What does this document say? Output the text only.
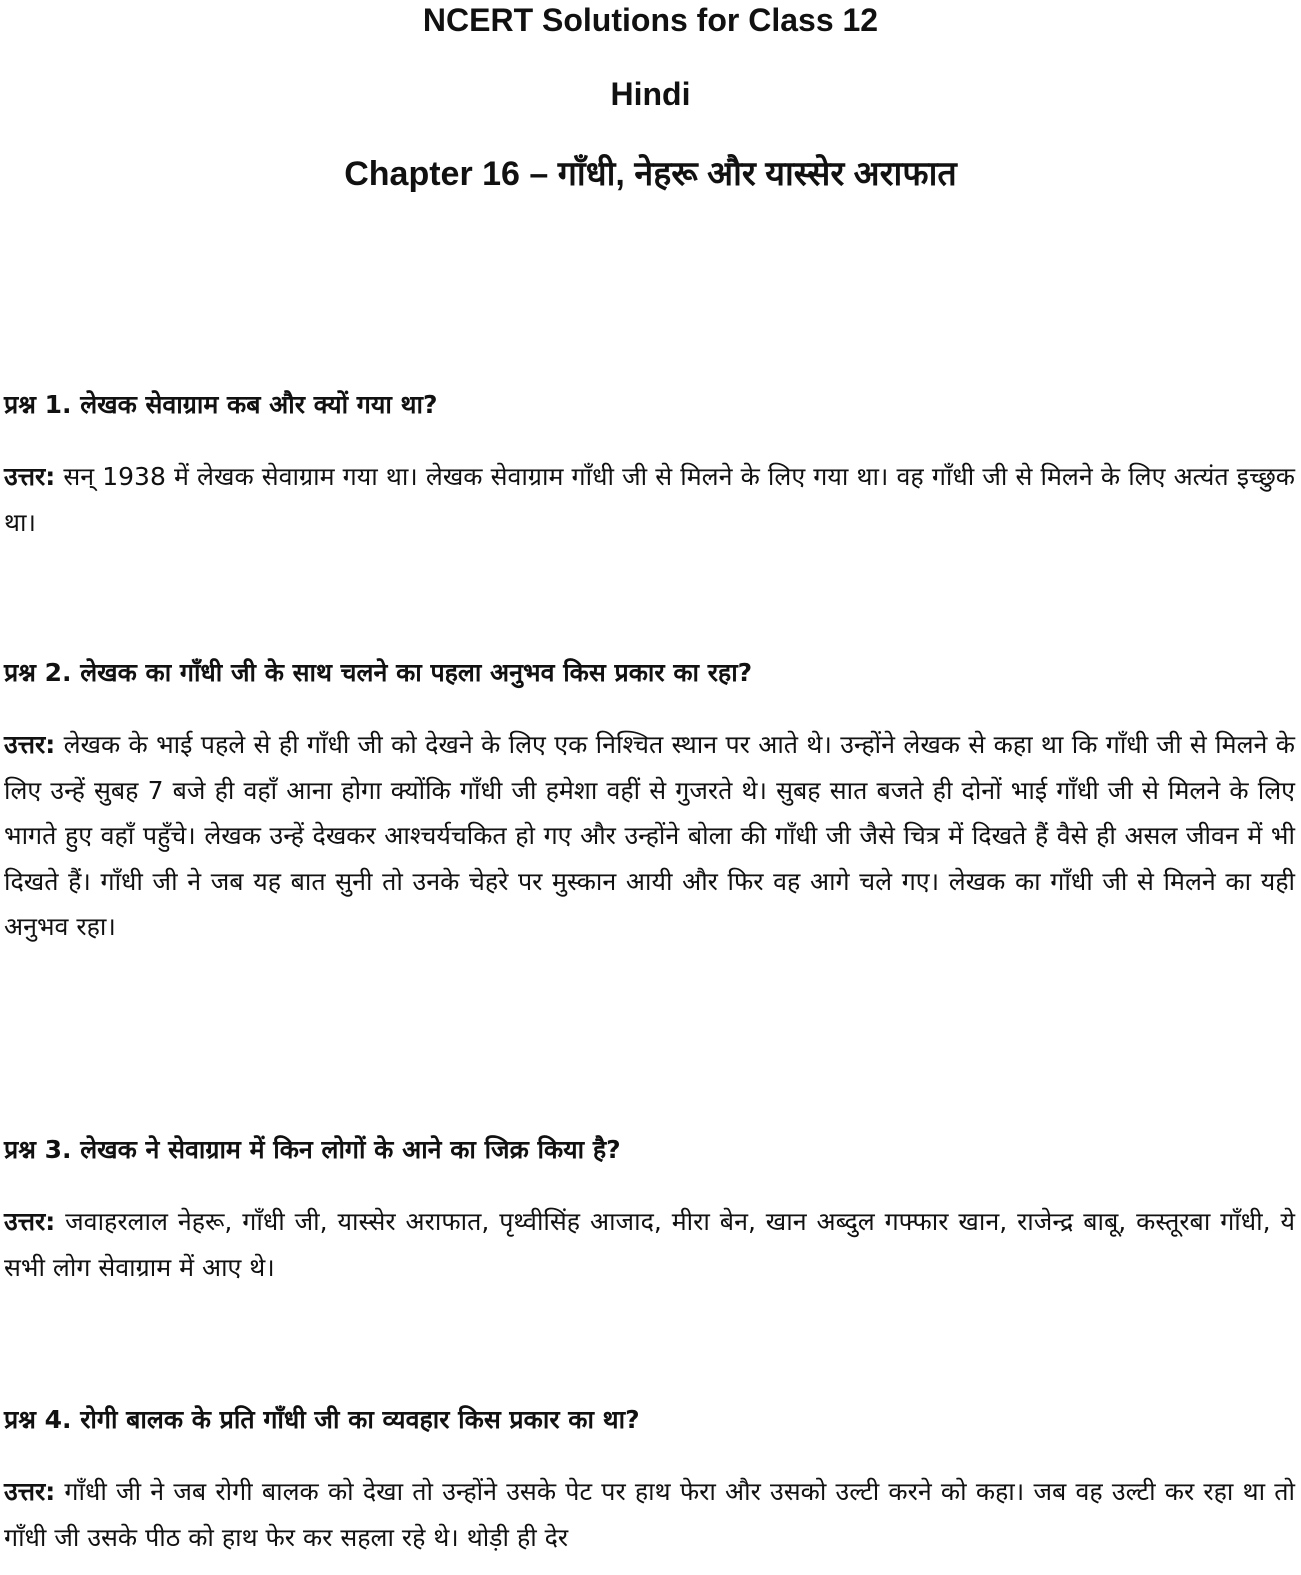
NCERT Solutions for Class 12
Hindi
Chapter 16 – गाँधी, नेहरू और यास्सेर अराफात

प्रश्न 1. लेखक सेवाग्राम कब और क्यों गया था?

उत्तर: सन् 1938 में लेखक सेवाग्राम गया था। लेखक सेवाग्राम गाँधी जी से मिलने के लिए गया था। वह गाँधी जी से मिलने के लिए अत्यंत इच्छुक था।

प्रश्न 2. लेखक का गाँधी जी के साथ चलने का पहला अनुभव किस प्रकार का रहा?

उत्तर: लेखक के भाई पहले से ही गाँधी जी को देखने के लिए एक निश्चित स्थान पर आते थे। उन्होंने लेखक से कहा था कि गाँधी जी से मिलने के लिए उन्हें सुबह 7 बजे ही वहाँ आना होगा क्योंकि गाँधी जी हमेशा वहीं से गुजरते थे। सुबह सात बजते ही दोनों भाई गाँधी जी से मिलने के लिए भागते हुए वहाँ पहुँचे। लेखक उन्हें देखकर आश्चर्यचकित हो गए और उन्होंने बोला की गाँधी जी जैसे चित्र में दिखते हैं वैसे ही असल जीवन में भी दिखते हैं। गाँधी जी ने जब यह बात सुनी तो उनके चेहरे पर मुस्कान आयी और फिर वह आगे चले गए। लेखक का गाँधी जी से मिलने का यही अनुभव रहा।

प्रश्न 3. लेखक ने सेवाग्राम में किन लोगों के आने का जिक्र किया है?

उत्तर: जवाहरलाल नेहरू, गाँधी जी, यास्सेर अराफात, पृथ्वीसिंह आजाद, मीरा बेन, खान अब्दुल गफ्फार खान, राजेन्द्र बाबू, कस्तूरबा गाँधी, ये सभी लोग सेवाग्राम में आए थे।

प्रश्न 4. रोगी बालक के प्रति गाँधी जी का व्यवहार किस प्रकार का था?

उत्तर: गाँधी जी ने जब रोगी बालक को देखा तो उन्होंने उसके पेट पर हाथ फेरा और उसको उल्टी करने को कहा। जब वह उल्टी कर रहा था तो गाँधी जी उसके पीठ को हाथ फेर कर सहला रहे थे। थोड़ी ही देर
